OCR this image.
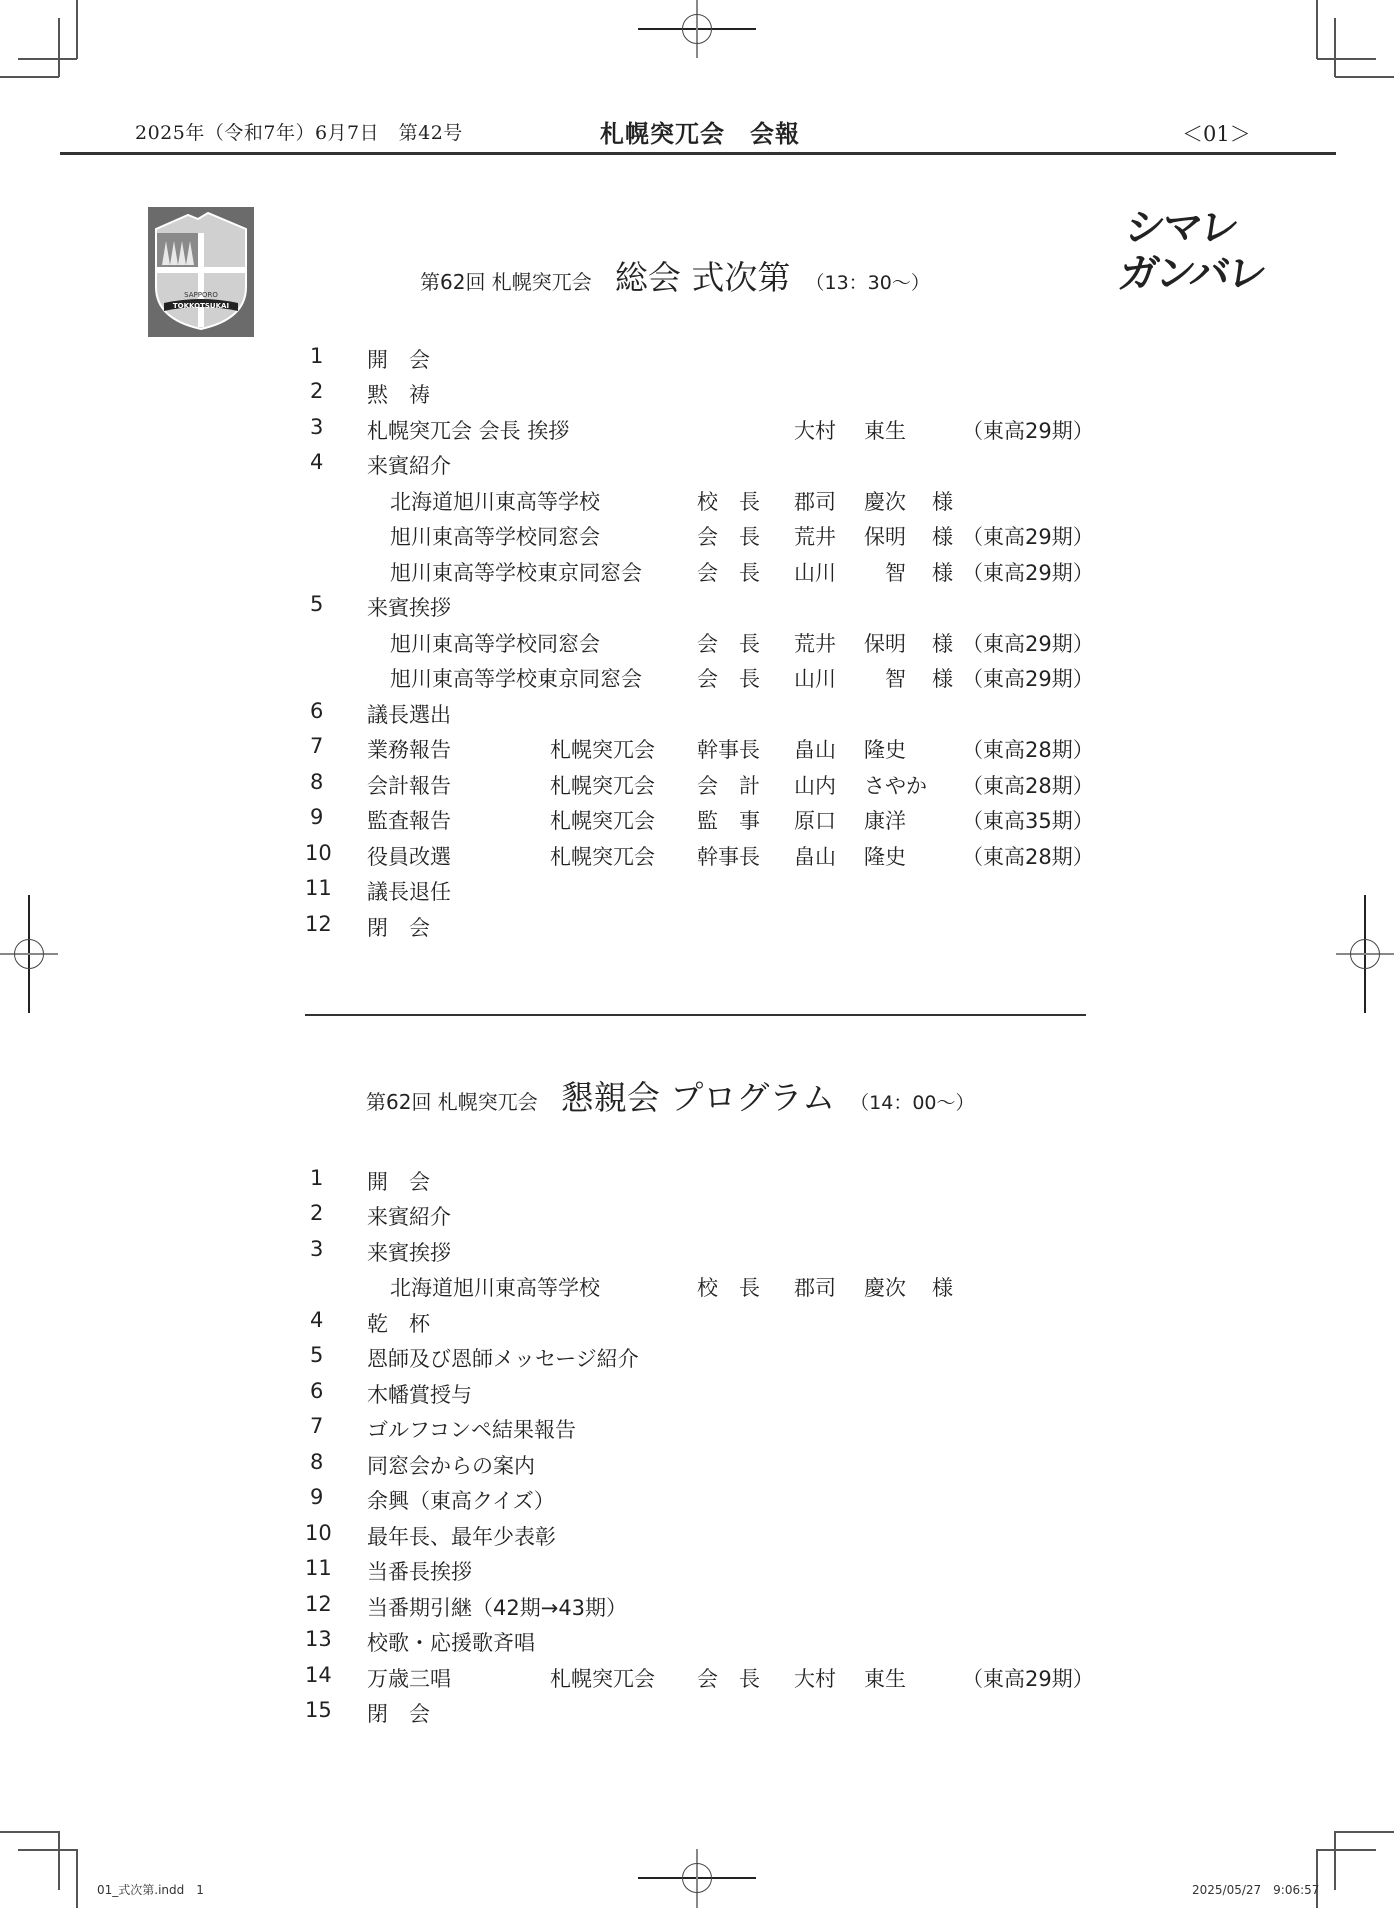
2025年（令和7年）6月7日　第42号	札幌突兀会　会報	＜01＞
SAPPORO
TOKKOTSUKAI
シマレ
ガンバレ
第62回 札幌突兀会 総会 式次第 （13：30〜）
1 開　会
2 黙　祷
3 札幌突兀会 会長 挨拶	大村 東生	（東高29期）
4 来賓紹介
北海道旭川東高等学校	校　長 郡司 慶次 様
旭川東高等学校同窓会	会　長 荒井 保明 様 （東高29期）
旭川東高等学校東京同窓会	会　長 山川 　智 様 （東高29期）
5 来賓挨拶
旭川東高等学校同窓会	会　長 荒井 保明 様 （東高29期）
旭川東高等学校東京同窓会	会　長 山川 　智 様 （東高29期）
6 議長選出
7 業務報告	札幌突兀会 幹事長 畠山 隆史	（東高28期）
8 会計報告	札幌突兀会 会　計 山内 さやか （東高28期）
9 監査報告	札幌突兀会 監　事 原口 康洋	（東高35期）
10 役員改選	札幌突兀会 幹事長 畠山 隆史	（東高28期）
11 議長退任
12 閉　会
第62回 札幌突兀会 懇親会 プログラム （14：00〜）
1 開　会
2 来賓紹介
3 来賓挨拶
北海道旭川東高等学校	校　長 郡司 慶次 様
4 乾　杯
5 恩師及び恩師メッセージ紹介
6 木幡賞授与
7 ゴルフコンペ結果報告
8 同窓会からの案内
9 余興（東高クイズ）
10 最年長、最年少表彰
11 当番長挨拶
12 当番期引継（42期→43期）
13 校歌・応援歌斉唱
14 万歳三唱	札幌突兀会 会　長 大村 東生	（東高29期）
15 閉　会
01_式次第.indd　1	2025/05/27　9:06:57
